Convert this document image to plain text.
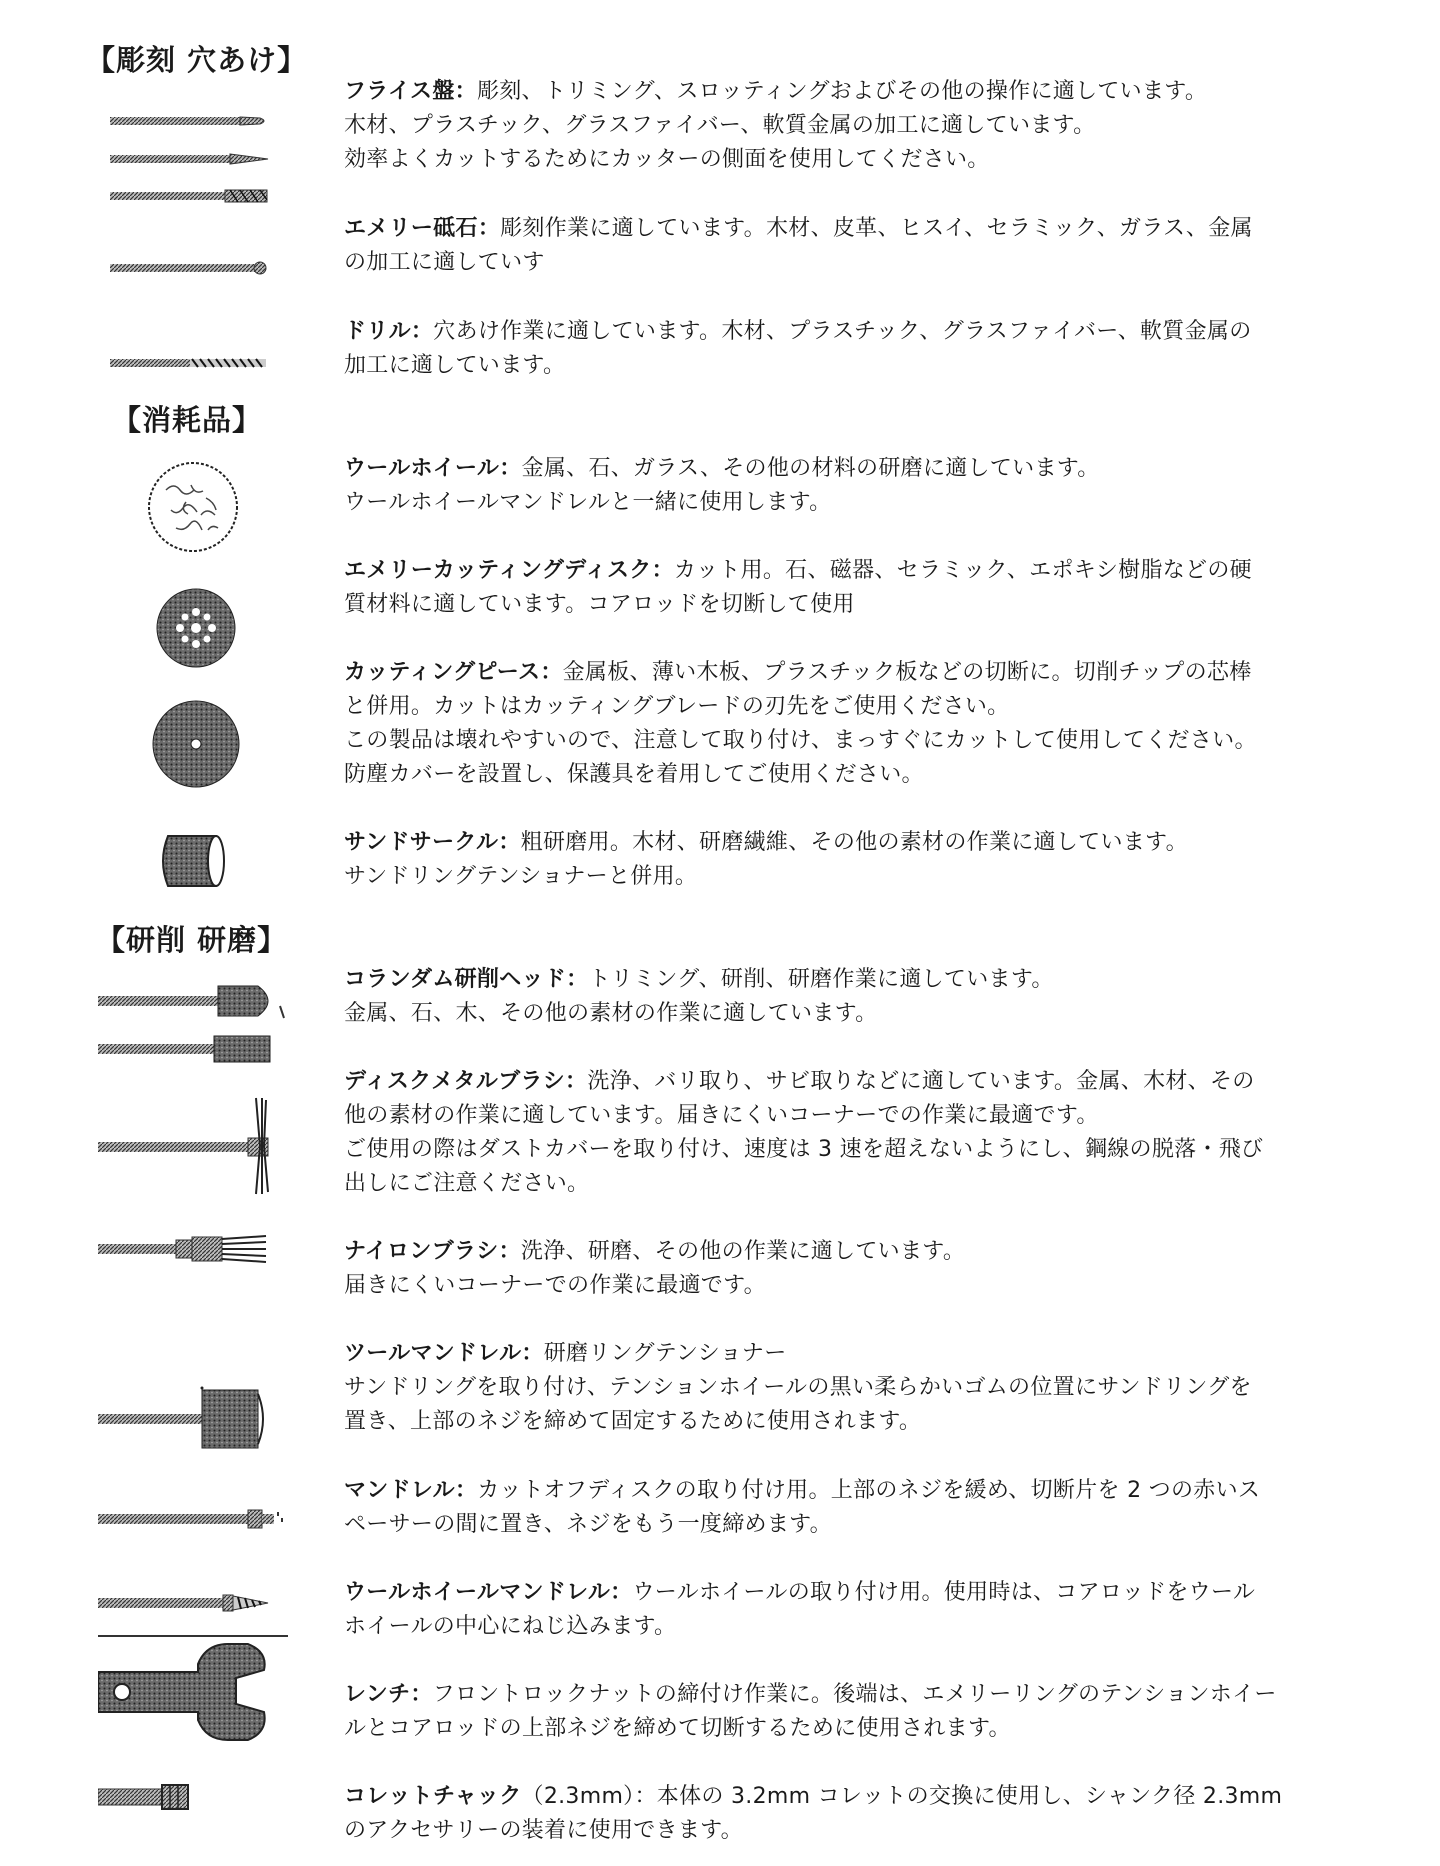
【彫刻 穴あけ】
【消耗品】
【研削 研磨】

フライス盤：彫刻、トリミング、スロッティングおよびその他の操作に適しています。

木材、プラスチック、グラスファイバー、軟質金属の加工に適しています。

効率よくカットするためにカッターの側面を使用してください。

エメリー砥石：彫刻作業に適しています。木材、皮革、ヒスイ、セラミック、ガラス、金属

の加工に適していす

ドリル：穴あけ作業に適しています。木材、プラスチック、グラスファイバー、軟質金属の

加工に適しています。

ウールホイール：金属、石、ガラス、その他の材料の研磨に適しています。

ウールホイールマンドレルと一緒に使用します。

エメリーカッティングディスク：カット用。石、磁器、セラミック、エポキシ樹脂などの硬

質材料に適しています。コアロッドを切断して使用

カッティングピース：金属板、薄い木板、プラスチック板などの切断に。切削チップの芯棒

と併用。カットはカッティングブレードの刃先をご使用ください。

この製品は壊れやすいので、注意して取り付け、まっすぐにカットして使用してください。

防塵カバーを設置し、保護具を着用してご使用ください。

サンドサークル：粗研磨用。木材、研磨繊維、その他の素材の作業に適しています。

サンドリングテンショナーと併用。

コランダム研削ヘッド：トリミング、研削、研磨作業に適しています。

金属、石、木、その他の素材の作業に適しています。

ディスクメタルブラシ：洗浄、バリ取り、サビ取りなどに適しています。金属、木材、その

他の素材の作業に適しています。届きにくいコーナーでの作業に最適です。

ご使用の際はダストカバーを取り付け、速度は 3 速を超えないようにし、鋼線の脱落・飛び

出しにご注意ください。

ナイロンブラシ：洗浄、研磨、その他の作業に適しています。

届きにくいコーナーでの作業に最適です。

ツールマンドレル：研磨リングテンショナー

サンドリングを取り付け、テンションホイールの黒い柔らかいゴムの位置にサンドリングを

置き、上部のネジを締めて固定するために使用されます。

マンドレル：カットオフディスクの取り付け用。上部のネジを緩め、切断片を 2 つの赤いス

ペーサーの間に置き、ネジをもう一度締めます。

ウールホイールマンドレル：ウールホイールの取り付け用。使用時は、コアロッドをウール

ホイールの中心にねじ込みます。

レンチ：フロントロックナットの締付け作業に。後端は、エメリーリングのテンションホイー

ルとコアロッドの上部ネジを締めて切断するために使用されます。

コレットチャック（2.3mm）：本体の 3.2mm コレットの交換に使用し、シャンク径 2.3mm

のアクセサリーの装着に使用できます。
